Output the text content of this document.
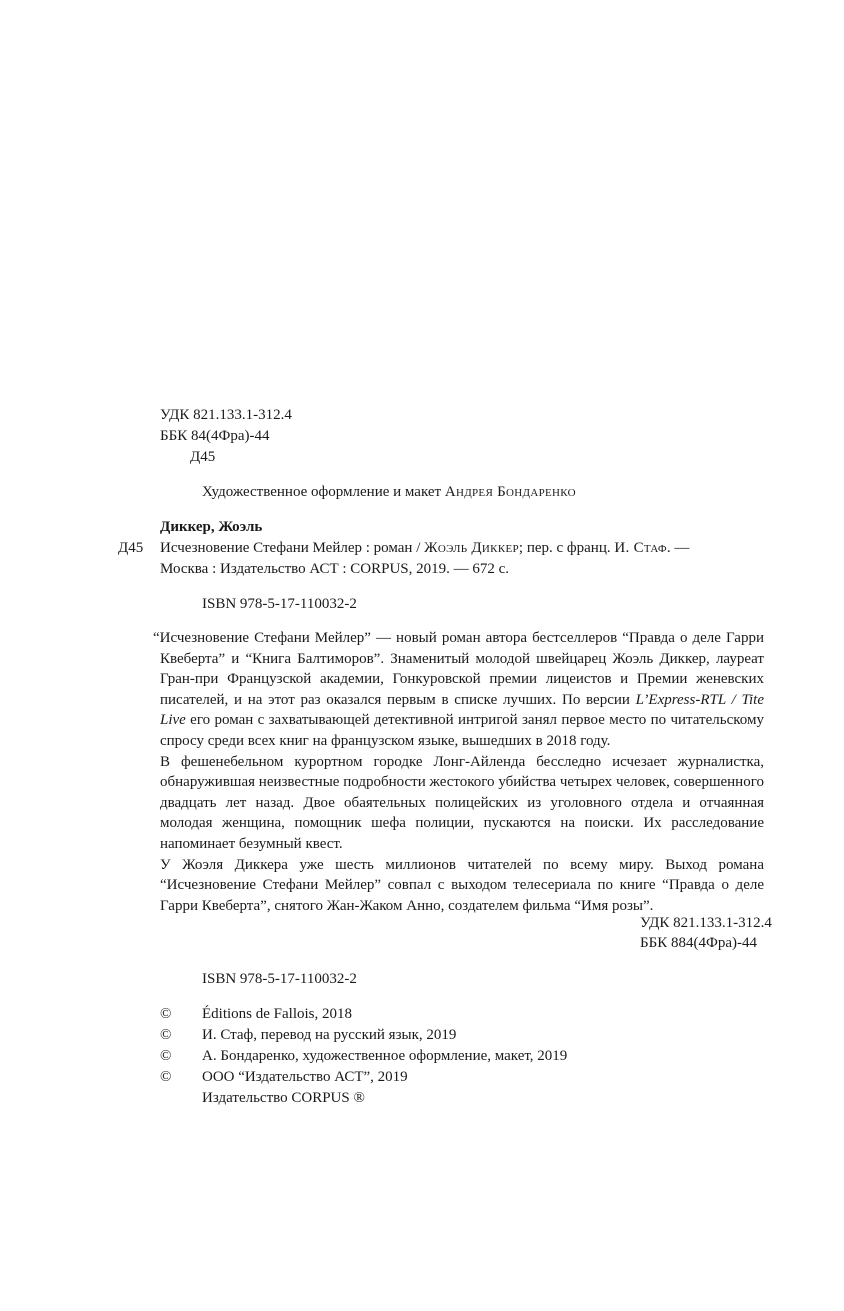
УДК 821.133.1-312.4
ББК 84(4Фра)-44
Д45
Художественное оформление и макет Андрея Бондаренко
Диккер, Жоэль
Д45 Исчезновение Стефани Мейлер : роман / Жоэль Диккер; пер. с франц. И. Стаф. —
Москва : Издательство АСТ : CORPUS, 2019. — 672 с.
ISBN 978-5-17-110032-2

“Исчезновение Стефани Мейлер” — новый роман автора бестселлеров “Правда о деле Гарри Квеберта” и “Книга Балтиморов”. Знаменитый молодой швейцарец Жоэль Диккер, лауреат Гран-при Французской академии, Гонкуровской премии лицеистов и Премии женевских писателей, и на этот раз оказался первым в списке лучших. По версии L’Express-RTL / Tite Live его роман с захватывающей детективной интригой занял первое место по читательскому спросу среди всех книг на французском языке, вышедших в 2018 году.

В фешенебельном курортном городке Лонг-Айленда бесследно исчезает журналистка, обнаружившая неизвестные подробности жестокого убийства четырех человек, совершенного двадцать лет назад. Двое обаятельных полицейских из уголовного отдела и отчаянная молодая женщина, помощник шефа полиции, пускаются на поиски. Их расследование напоминает безумный квест.

У Жоэля Диккера уже шесть миллионов читателей по всему миру. Выход романа “Исчезновение Стефани Мейлер” совпал с выходом телесериала по книге “Правда о деле Гарри Квеберта”, снятого Жан-Жаком Анно, создателем фильма “Имя розы”.

УДК 821.133.1-312.4
ББК 884(4Фра)-44
ISBN 978-5-17-110032-2
© Éditions de Fallois, 2018
© И. Стаф, перевод на русский язык, 2019
© А. Бондаренко, художественное оформление, макет, 2019
© ООО “Издательство АСТ”, 2019
Издательство CORPUS ®
